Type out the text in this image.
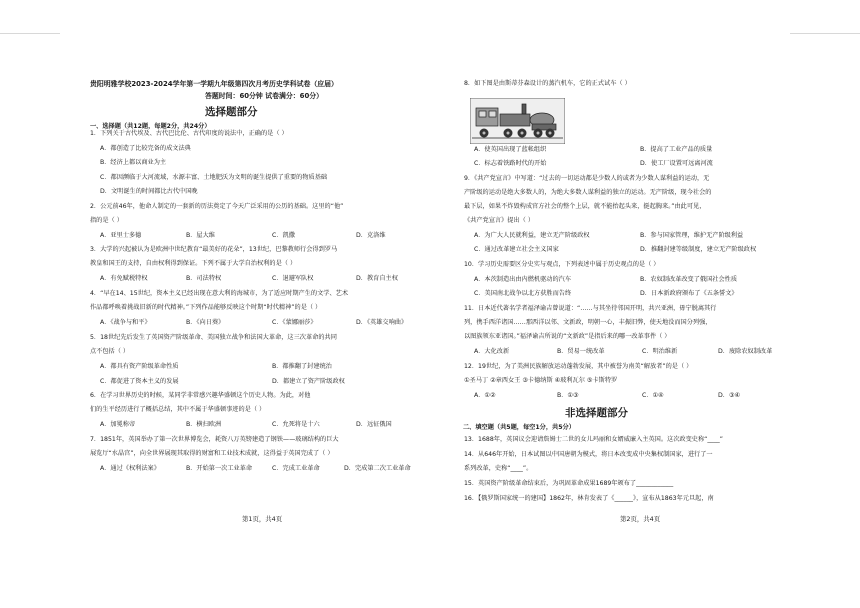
贵阳明雅学校2023-2024学年第一学期九年级第四次月考历史学科试卷（应届）
答题时间：60分钟 试卷满分：60分）
选择题部分
一、选择题（共12题，每题2分，共24分）
1．下列关于古代埃及、古代巴比伦、古代印度的说法中，正确的是（ ）
A．都创造了比较完备的成文法典
B．经济上都以商业为主
C．都因濒临于大河流域，水源丰富、土地肥沃为文明的诞生提供了重要的物质基础
D．文明诞生的时间都比古代中国晚
2．公元前46年，他命人制定的一套新的历法奠定了今天广泛采用的公历的基础。这里的“他”
指的是（ ）
A．亚里士多德	B．屋大维	C．凯撒	D．克洛维
3．大学的兴起被认为是欧洲中世纪教育“最美好的花朵”，13世纪，巴黎教师行会得到罗马
教皇和国王的支持，自由权利得到保证。下列不属于大学自治权利的是（ ）
A．有免赋税特权	B．司法特权	C．退避军队权	D．教育自主权
4．“早在14、15世纪，资本主义已经出现在意大利的海城市，为了适应时期产生的文学、艺术
作品都呼唤着挑战旧新的时代精神。”下列作品能够反映这个时期“时代精神”的是（ ）
A．《战争与和平》	B．《向日葵》	C．《蒙娜丽莎》	D．《英雄交响曲》
5．18世纪先后发生了英国资产阶级革命、美国独立战争和法国大革命，这三次革命的共同
点不包括（ ）
A．都具有资产阶级革命性质	B．都推翻了封建统治
C．都促进了资本主义的发展	D．都建立了资产阶级政权
6．在学习世界历史的时候，某同学非常感兴趣华盛顿这个历史人物。为此，对他
们的生平经历进行了概括总结，其中不属于华盛顿事迹的是（ ）
A．加冕称帝	B．横扫欧洲	C．允死将是十六	D．远征俄国
7．1851年，英国举办了第一次世界博览会，耗资八万英镑建造了钢铁——玻璃结构的巨大
展览厅“水晶宫”，向全世界展现其取得的财富和工业技术成就，这得益于英国完成了（ ）
A．通过《权利法案》	B．开始第一次工业革命	C．完成工业革命	D．完成第二次工业革命
第1页，共4页
8．如下图是由斯蒂芬森设计的蒸汽机车，它的正式试车（ ）
A．使英国出现了蓝帐组织	B．提高了工业产品的质量
C．标志着铁路时代的开始	D．使工厂设置可远离河流
9．《共产党宣言》中写道：“过去的一切运动都是少数人的或者为少数人谋利益的运动，无
产阶级的运动是绝大多数人的，为绝大多数人谋利益的独立的运动。无产阶级，现今社会的
最下层，如果不炸毁构成官方社会的整个上层，就不能抬起头来，挺起胸来。”由此可见，
《共产党宣言》提出（ ）
A．为广大人民就利益，建立无产阶级政权	B．参与国家管理，维护无产阶级利益
C．通过改革建立社会主义国家	D．推翻封建等级制度，建立无产阶级政权
10．学习历史需要区分史实与观点，下列表述中属于历史观点的是（ ）
A．本茨制造出由内燃机驱动的汽车	B．农奴制改革改变了俄国社会性质
C．美国南北战争以北方获胜而告终	D．日本新政府颁布了《五条誓文》
11．日本近代著名学者福泽谕吉曾说道：“……与其坐待邻国开明，共兴亚洲，毋宁脱离其行
列，携手西洋诸国……那西洋以邻、文新政，明朝一心，丰振旧弊，使天地没而国分列强，
以图族领东亚诸国。”福泽谕吉所说的“文新政”是指后来的哪一改革事件（ ）
A．大化改新	B．贸易一统改革	C．明治维新	D．废除农奴制改革
12．19世纪，为了美洲民族解放运动蓬勃发展，其中被誉为南美“解放者”的是（ ）
①圣马丁 ②章西女王 ③卡德纳斯 ④玻利瓦尔 ⑤卡斯特罗
A．①②	B．①③	C．①④	D．③④
13．1688年，英国议会迎请詹姆士二世的女儿玛丽和女婿威廉入主英国。这次政变史称“____”
14．从646年开始，日本试图以中国唐朝为模式，将日本改变成中央集权制国家，进行了一
系列改革，史称“____”。
15．英国资产阶级革命结束后，为巩固革命成果1689年颁布了____________
16．【俄罗斯国家统一的建国】1862年，林肯发表了《______》，宣布从1863年元旦起，南
非选择题部分
二、填空题（共5题，每空1分，共5分）
第2页，共4页
